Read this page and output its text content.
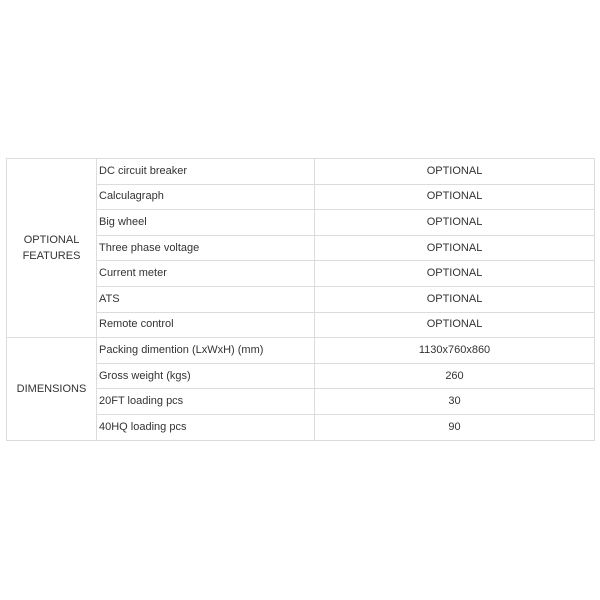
OPTIONAL
FEATURES	DC circuit breaker	OPTIONAL
	Calculagraph	OPTIONAL
	Big wheel	OPTIONAL
	Three phase voltage	OPTIONAL
	Current meter	OPTIONAL
	ATS	OPTIONAL
	Remote control	OPTIONAL
DIMENSIONS	Packing dimention (LxWxH) (mm)	1130x760x860
	Gross weight (kgs)	260
	20FT loading pcs	30
	40HQ loading pcs	90
